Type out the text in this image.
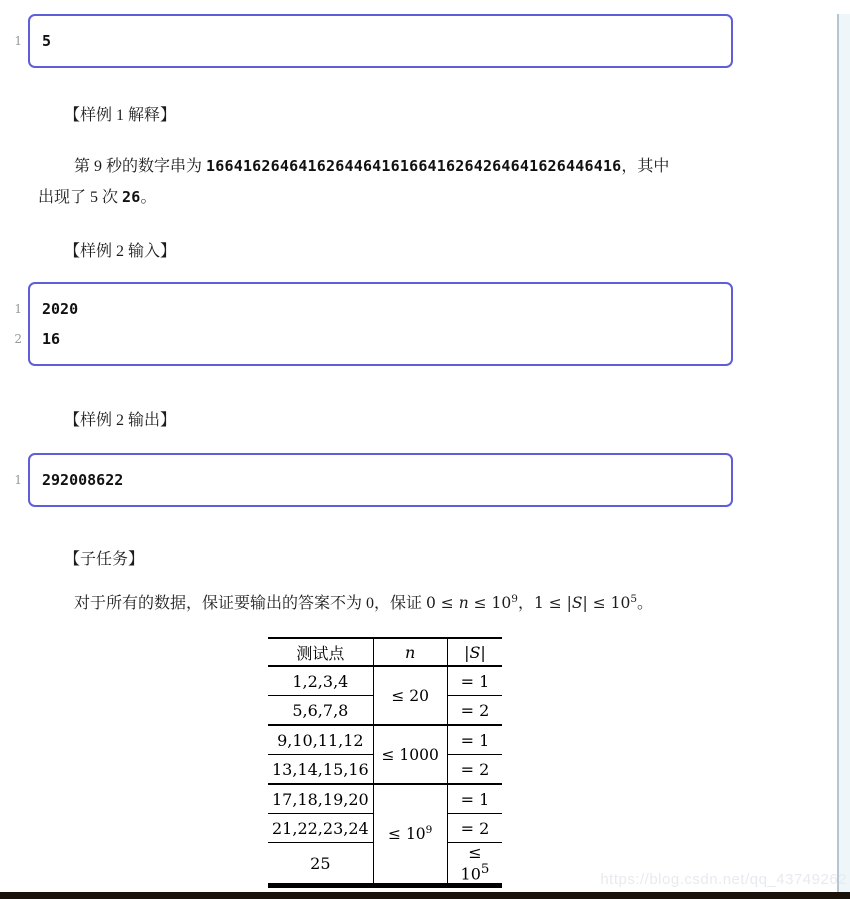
1 5
【样例 1 解释】

第 9 秒的数字串为 166416264641626446416166416264264641626446416，其中
出现了 5 次 26。

【样例 2 输入】
1
2
2020
16
【样例 2 输出】
1 292008622
【子任务】

对于所有的数据，保证要输出的答案不为 0，保证 $0 \le n \le 10^9$，$1 \le |S| \le 10^5$。

测试点	n	|S|
1,2,3,4	≤ 20	= 1
5,6,7,8		= 2
9,10,11,12	≤ 1000	= 1
13,14,15,16		= 2
17,18,19,20	≤ $10^9$	= 1
21,22,23,24		= 2
25		≤ $10^5$
https://blog.csdn.net/qq_43749262
